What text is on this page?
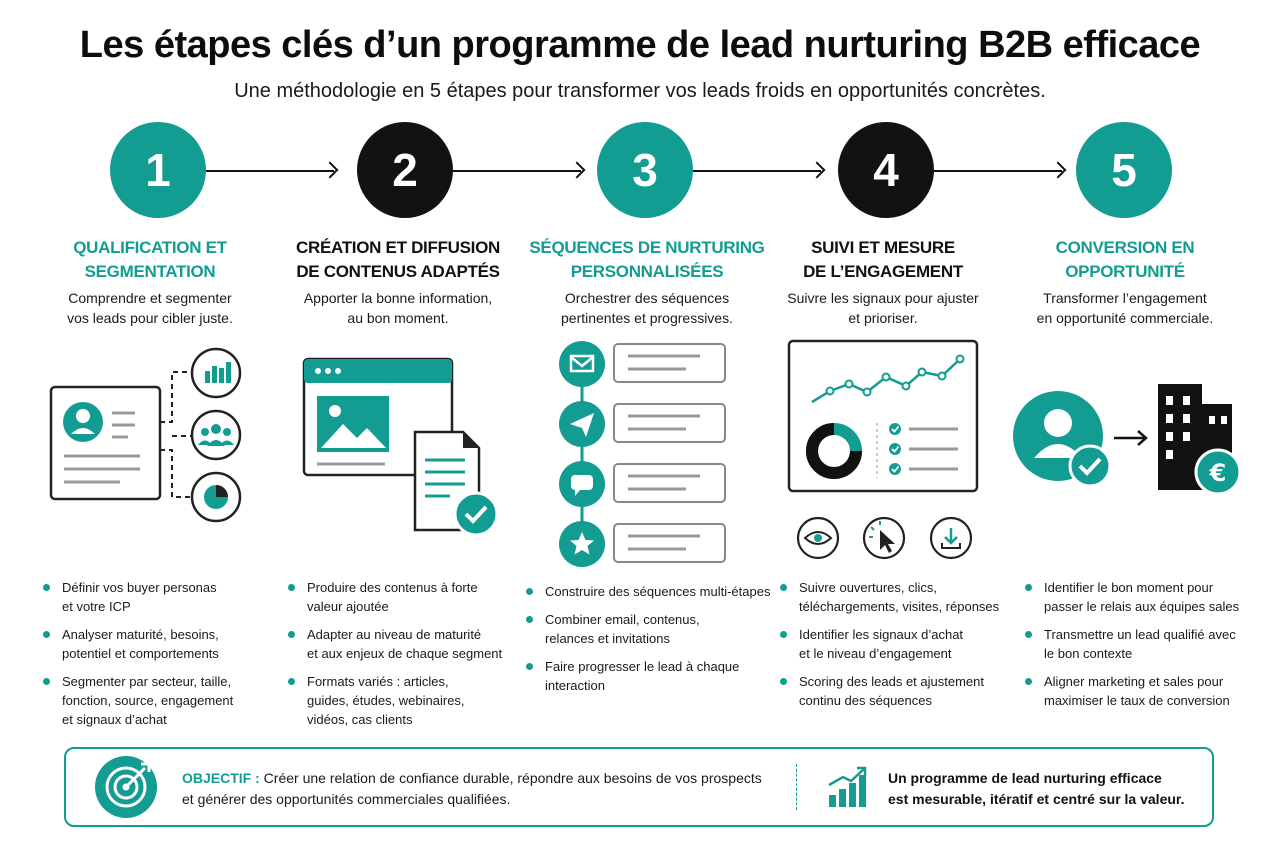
Les étapes clés d’un programme de lead nurturing B2B efficace
Une méthodologie en 5 étapes pour transformer vos leads froids en opportunités concrètes.
1	2	3	4	5
QUALIFICATION ET
SEGMENTATION
CRÉATION ET DIFFUSION
DE CONTENUS ADAPTÉS
SÉQUENCES DE NURTURING
PERSONNALISÉES
SUIVI ET MESURE
DE L’ENGAGEMENT
CONVERSION EN
OPPORTUNITÉ
Comprendre et segmenter
vos leads pour cibler juste.
Apporter la bonne information,
au bon moment.
Orchestrer des séquences
pertinentes et progressives.
Suivre les signaux pour ajuster
et prioriser.
Transformer l’engagement
en opportunité commerciale.
€
Définir vos buyer personas
et votre ICP
Analyser maturité, besoins,
potentiel et comportements
Segmenter par secteur, taille,
fonction, source, engagement
et signaux d’achat
Produire des contenus à forte
valeur ajoutée
Adapter au niveau de maturité
et aux enjeux de chaque segment
Formats variés : articles,
guides, études, webinaires,
vidéos, cas clients
Construire des séquences multi-étapes
Combiner email, contenus,
relances et invitations
Faire progresser le lead à chaque
interaction
Suivre ouvertures, clics,
téléchargements, visites, réponses
Identifier les signaux d’achat
et le niveau d’engagement
Scoring des leads et ajustement
continu des séquences
Identifier le bon moment pour
passer le relais aux équipes sales
Transmettre un lead qualifié avec
le bon contexte
Aligner marketing et sales pour
maximiser le taux de conversion
OBJECTIF : Créer une relation de confiance durable, répondre aux besoins de vos prospects
et générer des opportunités commerciales qualifiées.
Un programme de lead nurturing efficace
est mesurable, itératif et centré sur la valeur.
